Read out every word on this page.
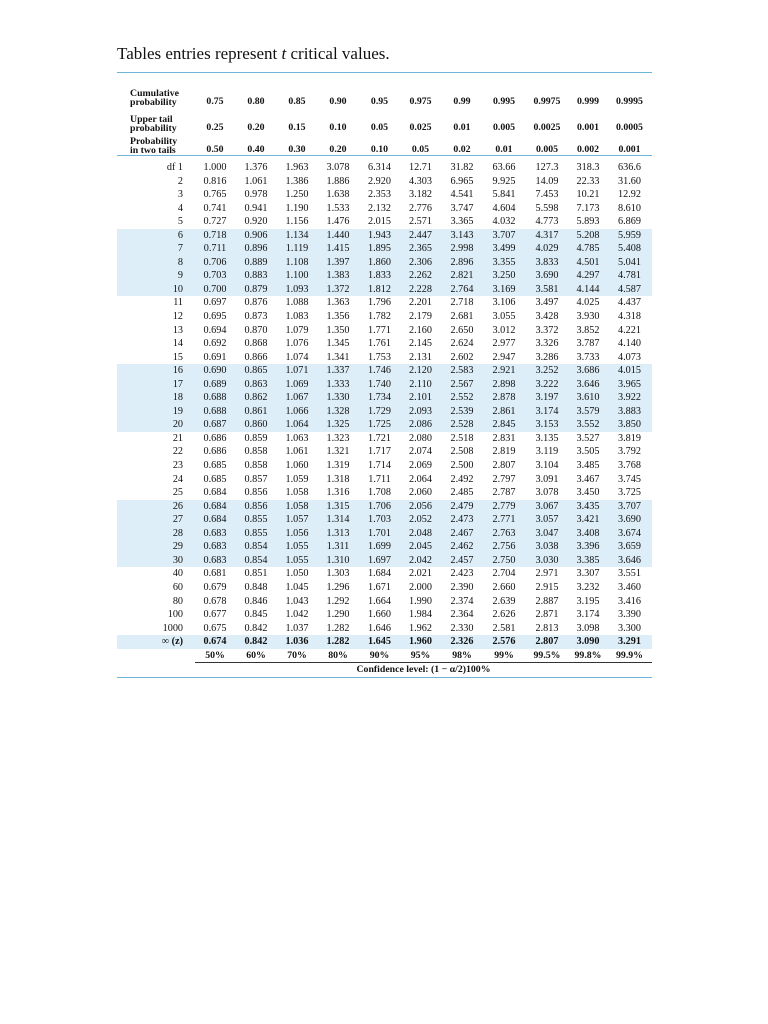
Tables entries represent t critical values.
Cumulative
probability	0.75	0.80	0.85	0.90	0.95	0.975	0.99	0.995	0.9975	0.999	0.9995
Upper tail
probability	0.25	0.20	0.15	0.10	0.05	0.025	0.01	0.005	0.0025	0.001	0.0005
Probability
in two tails	0.50	0.40	0.30	0.20	0.10	0.05	0.02	0.01	0.005	0.002	0.001

df 1	1.000	1.376	1.963	3.078	6.314	12.71	31.82	63.66	127.3	318.3	636.6
2	0.816	1.061	1.386	1.886	2.920	4.303	6.965	9.925	14.09	22.33	31.60
3	0.765	0.978	1.250	1.638	2.353	3.182	4.541	5.841	7.453	10.21	12.92
4	0.741	0.941	1.190	1.533	2.132	2.776	3.747	4.604	5.598	7.173	8.610
5	0.727	0.920	1.156	1.476	2.015	2.571	3.365	4.032	4.773	5.893	6.869
6	0.718	0.906	1.134	1.440	1.943	2.447	3.143	3.707	4.317	5.208	5.959
7	0.711	0.896	1.119	1.415	1.895	2.365	2.998	3.499	4.029	4.785	5.408
8	0.706	0.889	1.108	1.397	1.860	2.306	2.896	3.355	3.833	4.501	5.041
9	0.703	0.883	1.100	1.383	1.833	2.262	2.821	3.250	3.690	4.297	4.781
10	0.700	0.879	1.093	1.372	1.812	2.228	2.764	3.169	3.581	4.144	4.587
11	0.697	0.876	1.088	1.363	1.796	2.201	2.718	3.106	3.497	4.025	4.437
12	0.695	0.873	1.083	1.356	1.782	2.179	2.681	3.055	3.428	3.930	4.318
13	0.694	0.870	1.079	1.350	1.771	2.160	2.650	3.012	3.372	3.852	4.221
14	0.692	0.868	1.076	1.345	1.761	2.145	2.624	2.977	3.326	3.787	4.140
15	0.691	0.866	1.074	1.341	1.753	2.131	2.602	2.947	3.286	3.733	4.073
16	0.690	0.865	1.071	1.337	1.746	2.120	2.583	2.921	3.252	3.686	4.015
17	0.689	0.863	1.069	1.333	1.740	2.110	2.567	2.898	3.222	3.646	3.965
18	0.688	0.862	1.067	1.330	1.734	2.101	2.552	2.878	3.197	3.610	3.922
19	0.688	0.861	1.066	1.328	1.729	2.093	2.539	2.861	3.174	3.579	3.883
20	0.687	0.860	1.064	1.325	1.725	2.086	2.528	2.845	3.153	3.552	3.850
21	0.686	0.859	1.063	1.323	1.721	2.080	2.518	2.831	3.135	3.527	3.819
22	0.686	0.858	1.061	1.321	1.717	2.074	2.508	2.819	3.119	3.505	3.792
23	0.685	0.858	1.060	1.319	1.714	2.069	2.500	2.807	3.104	3.485	3.768
24	0.685	0.857	1.059	1.318	1.711	2.064	2.492	2.797	3.091	3.467	3.745
25	0.684	0.856	1.058	1.316	1.708	2.060	2.485	2.787	3.078	3.450	3.725
26	0.684	0.856	1.058	1.315	1.706	2.056	2.479	2.779	3.067	3.435	3.707
27	0.684	0.855	1.057	1.314	1.703	2.052	2.473	2.771	3.057	3.421	3.690
28	0.683	0.855	1.056	1.313	1.701	2.048	2.467	2.763	3.047	3.408	3.674
29	0.683	0.854	1.055	1.311	1.699	2.045	2.462	2.756	3.038	3.396	3.659
30	0.683	0.854	1.055	1.310	1.697	2.042	2.457	2.750	3.030	3.385	3.646
40	0.681	0.851	1.050	1.303	1.684	2.021	2.423	2.704	2.971	3.307	3.551
60	0.679	0.848	1.045	1.296	1.671	2.000	2.390	2.660	2.915	3.232	3.460
80	0.678	0.846	1.043	1.292	1.664	1.990	2.374	2.639	2.887	3.195	3.416
100	0.677	0.845	1.042	1.290	1.660	1.984	2.364	2.626	2.871	3.174	3.390
1000	0.675	0.842	1.037	1.282	1.646	1.962	2.330	2.581	2.813	3.098	3.300
∞ (z)	0.674	0.842	1.036	1.282	1.645	1.960	2.326	2.576	2.807	3.090	3.291
	50%	60%	70%	80%	90%	95%	98%	99%	99.5%	99.8%	99.9%
Confidence level: (1 − α/2)100%
